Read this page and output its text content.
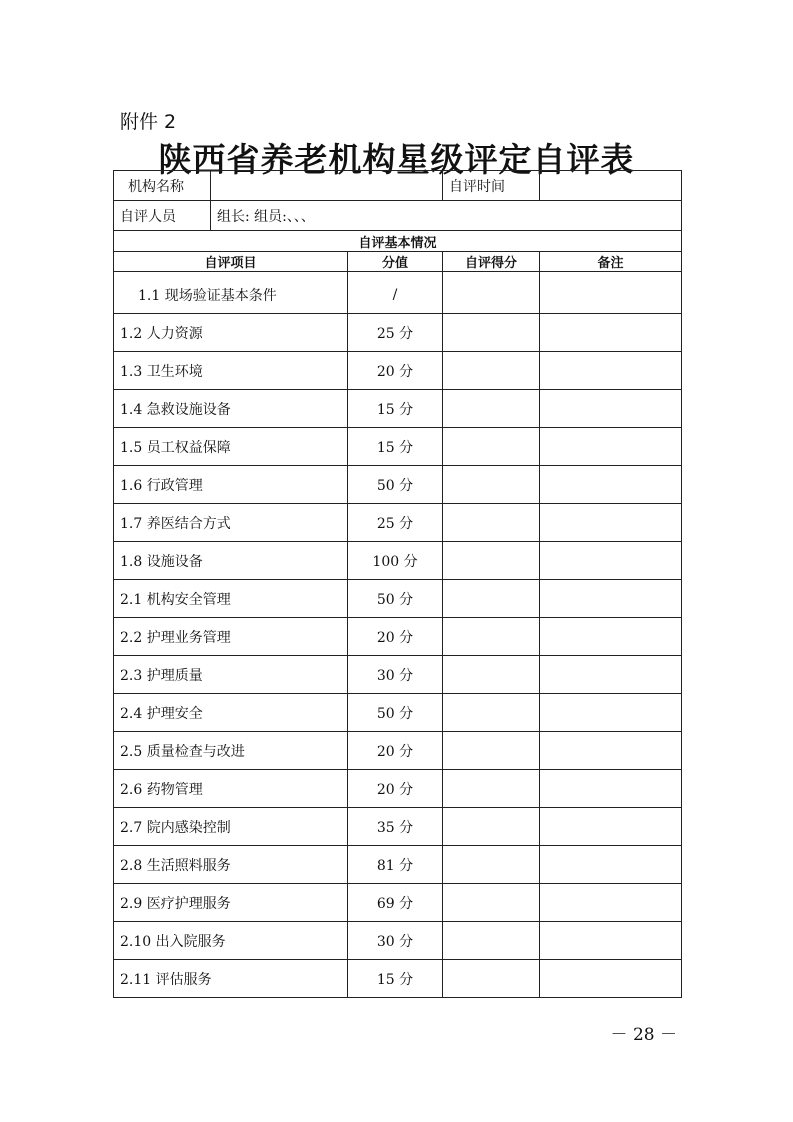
附件 2
陕西省养老机构星级评定自评表
机构名称			自评时间	
自评人员	组长: 组员:、、、			
自评基本情况				
自评项目		分值	自评得分	备注
1.1 现场验证基本条件		/		
1.2 人力资源		25 分		
1.3 卫生环境		20 分		
1.4 急救设施设备		15 分		
1.5 员工权益保障		15 分		
1.6 行政管理		50 分		
1.7 养医结合方式		25 分		
1.8 设施设备		100 分		
2.1 机构安全管理		50 分		
2.2 护理业务管理		20 分		
2.3 护理质量		30 分		
2.4 护理安全		50 分		
2.5 质量检查与改进		20 分		
2.6 药物管理		20 分		
2.7 院内感染控制		35 分		
2.8 生活照料服务		81 分		
2.9 医疗护理服务		69 分		
2.10 出入院服务		30 分		
2.11 评估服务		15 分		
－ 28 －
